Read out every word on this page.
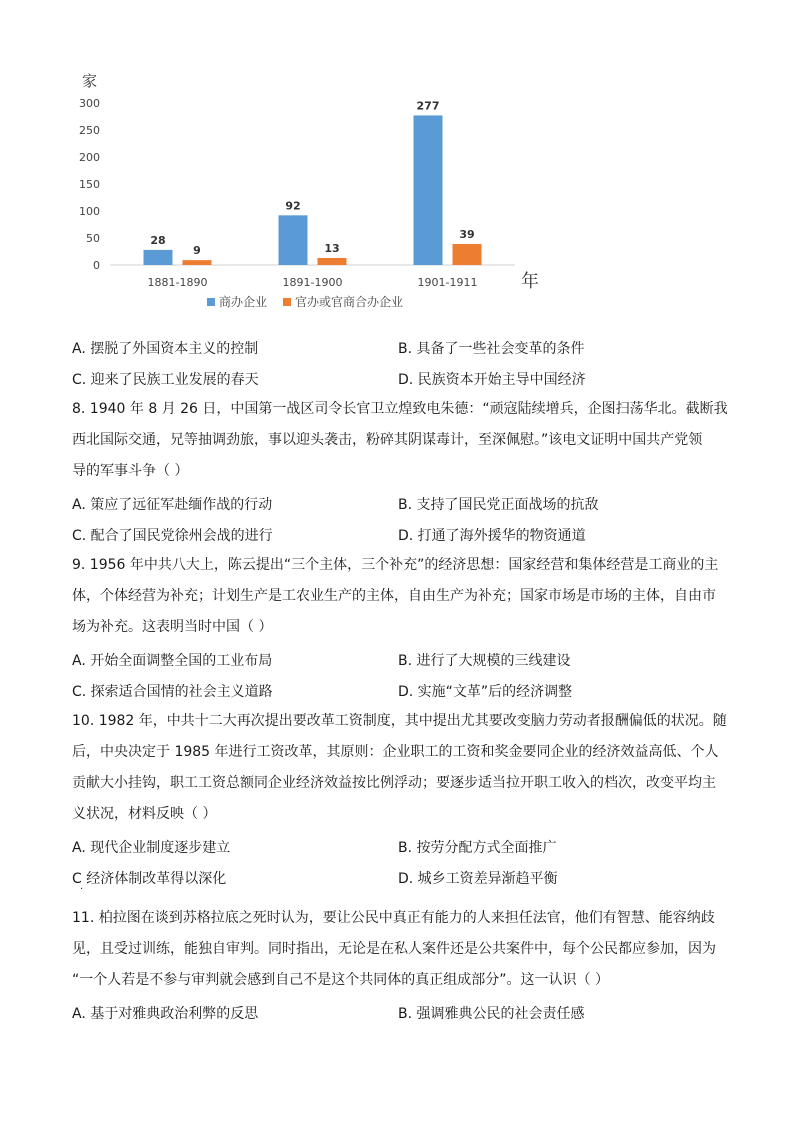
家
0
50
100
150
200
250
300
28
9
1881-1890
92
13
1891-1900
277
39
1901-1911 年
商办企业 官办或官商合办企业
A. 摆脱了外国资本主义的控制	B. 具备了一些社会变革的条件
C. 迎来了民族工业发展的春天	D. 民族资本开始主导中国经济
8. 1940 年 8 月 26 日，中国第一战区司令长官卫立煌致电朱德：“顽寇陆续增兵，企图扫荡华北。截断我
西北国际交通，兄等抽调劲旅，事以迎头袭击，粉碎其阴谋毒计，至深佩慰。”该电文证明中国共产党领
导的军事斗争（ ）
A. 策应了远征军赴缅作战的行动	B. 支持了国民党正面战场的抗敌
C. 配合了国民党徐州会战的进行	D. 打通了海外援华的物资通道
9. 1956 年中共八大上，陈云提出“三个主体，三个补充”的经济思想：国家经营和集体经营是工商业的主
体，个体经营为补充；计划生产是工农业生产的主体，自由生产为补充；国家市场是市场的主体，自由市
场为补充。这表明当时中国（ ）
A. 开始全面调整全国的工业布局	B. 进行了大规模的三线建设
C. 探索适合国情的社会主义道路	D. 实施“文革”后的经济调整
10. 1982 年，中共十二大再次提出要改革工资制度，其中提出尤其要改变脑力劳动者报酬偏低的状况。随
后，中央决定于 1985 年进行工资改革，其原则：企业职工的工资和奖金要同企业的经济效益高低、个人
贡献大小挂钩，职工工资总额同企业经济效益按比例浮动；要逐步适当拉开职工收入的档次，改变平均主
义状况，材料反映（ ）
A. 现代企业制度逐步建立	B. 按劳分配方式全面推广
C 经济体制改革得以深化	D. 城乡工资差异渐趋平衡
·
11. 柏拉图在谈到苏格拉底之死时认为，要让公民中真正有能力的人来担任法官，他们有智慧、能容纳歧
见，且受过训练，能独自审判。同时指出，无论是在私人案件还是公共案件中，每个公民都应参加，因为
“一个人若是不参与审判就会感到自己不是这个共同体的真正组成部分”。这一认识（ ）
A. 基于对雅典政治利弊的反思	B. 强调雅典公民的社会责任感
